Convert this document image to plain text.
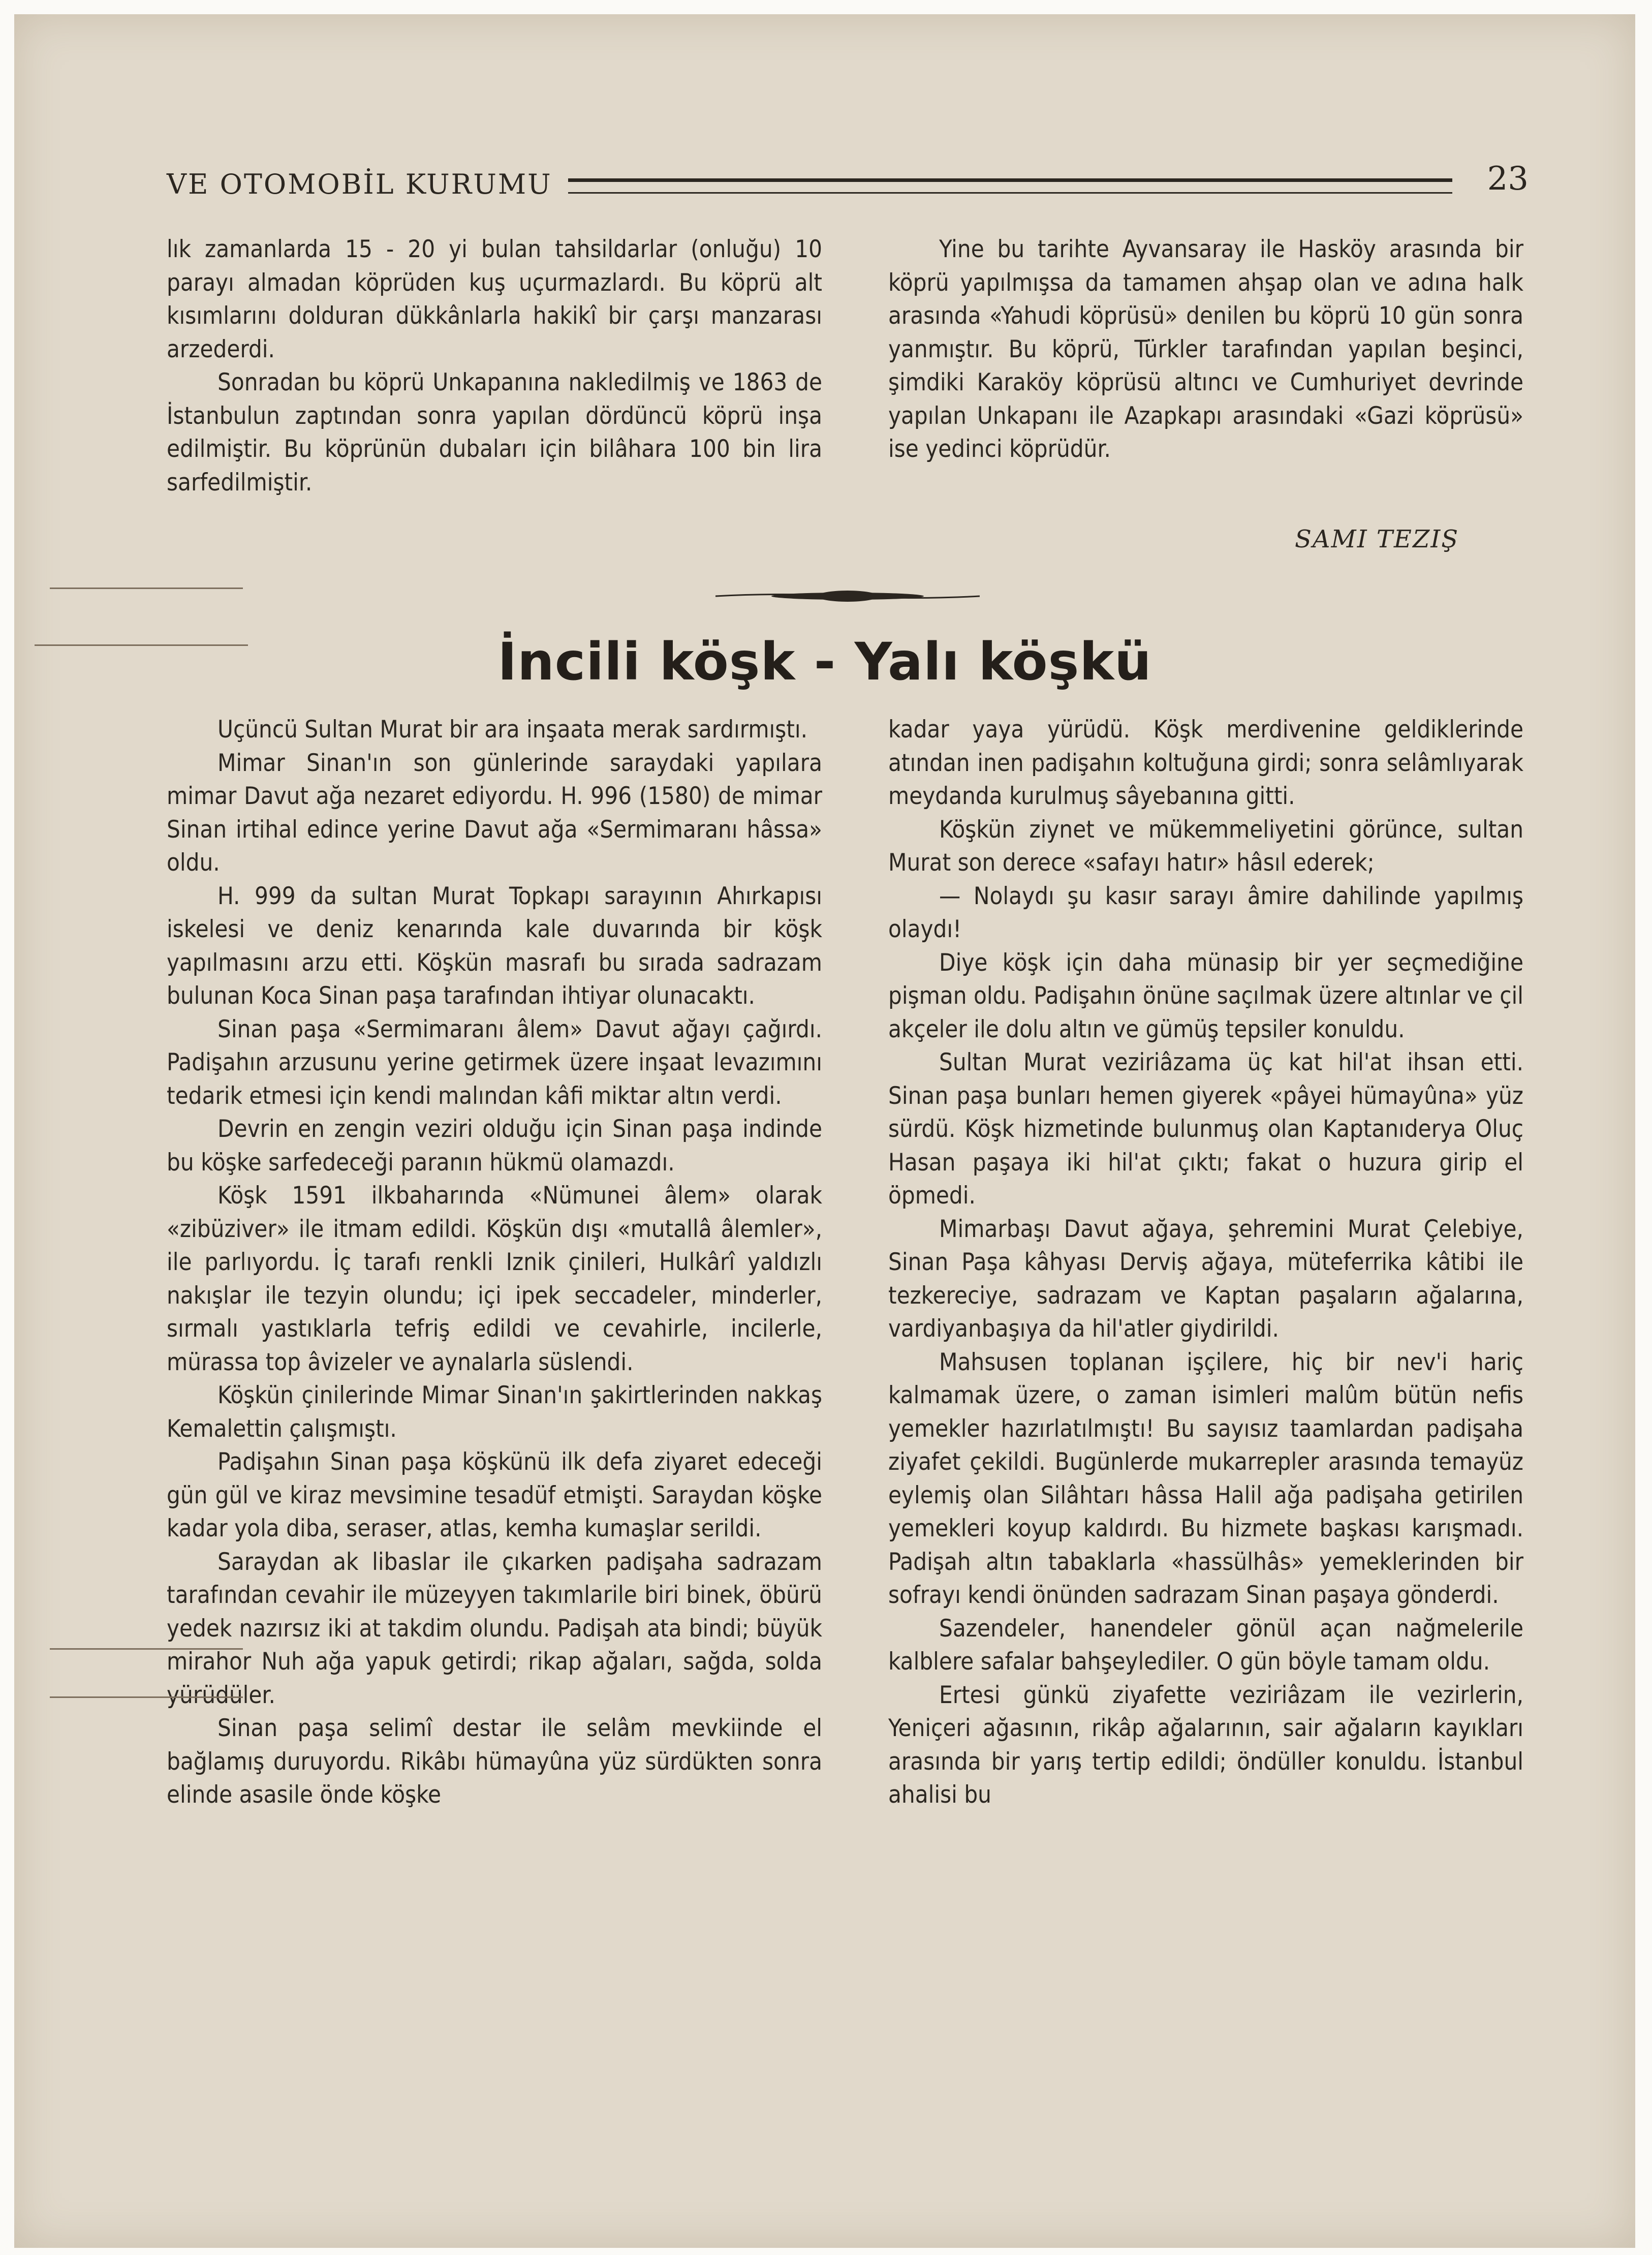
VE OTOMOBİL KURUMU	23

lık zamanlarda 15 - 20 yi bulan tahsildarlar (onluğu) 10 parayı almadan köprüden kuş uçurmazlardı. Bu köprü alt kısımlarını dolduran dükkânlarla hakikî bir çarşı manzarası arzederdi.

Sonradan bu köprü Unkapanına nakledilmiş ve 1863 de İstanbulun zaptından sonra yapılan dördüncü köprü inşa edilmiştir. Bu köprünün dubaları için bilâhara 100 bin lira sarfedilmiştir.

Yine bu tarihte Ayvansaray ile Hasköy arasında bir köprü yapılmışsa da tamamen ahşap olan ve adına halk arasında «Yahudi köprüsü» denilen bu köprü 10 gün sonra yanmıştır. Bu köprü, Türkler tarafından yapılan beşinci, şimdiki Karaköy köprüsü altıncı ve Cumhuriyet devrinde yapılan Unkapanı ile Azapkapı arasındaki «Gazi köprüsü» ise yedinci köprüdür.

SAMI TEZIŞ
İncili köşk - Yalı köşkü

Uçüncü Sultan Murat bir ara inşaata merak sardırmıştı.

Mimar Sinan'ın son günlerinde saraydaki yapılara mimar Davut ağa nezaret ediyordu. H. 996 (1580) de mimar Sinan irtihal edince yerine Davut ağa «Sermimaranı hâssa» oldu.

H. 999 da sultan Murat Topkapı sarayının Ahırkapısı iskelesi ve deniz kenarında kale duvarında bir köşk yapılmasını arzu etti. Köşkün masrafı bu sırada sadrazam bulunan Koca Sinan paşa tarafından ihtiyar olunacaktı.

Sinan paşa «Sermimaranı âlem» Davut ağayı çağırdı. Padişahın arzusunu yerine getirmek üzere inşaat levazımını tedarik etmesi için kendi malından kâfi miktar altın verdi.

Devrin en zengin veziri olduğu için Sinan paşa indinde bu köşke sarfedeceği paranın hükmü olamazdı.

Köşk 1591 ilkbaharında «Nümunei âlem» olarak «zibüziver» ile itmam edildi. Köşkün dışı «mutallâ âlemler», ile parlıyordu. İç tarafı renkli Iznik çinileri, Hulkârî yaldızlı nakışlar ile tezyin olundu; içi ipek seccadeler, minderler, sırmalı yastıklarla tefriş edildi ve cevahirle, incilerle, mürassa top âvizeler ve aynalarla süslendi.

Köşkün çinilerinde Mimar Sinan'ın şakirtlerinden nakkaş Kemalettin çalışmıştı.

Padişahın Sinan paşa köşkünü ilk defa ziyaret edeceği gün gül ve kiraz mevsimine tesadüf etmişti. Saraydan köşke kadar yola diba, seraser, atlas, kemha kumaşlar serildi.

Saraydan ak libaslar ile çıkarken padişaha sadrazam tarafından cevahir ile müzeyyen takımlarile biri binek, öbürü yedek nazırsız iki at takdim olundu. Padişah ata bindi; büyük mirahor Nuh ağa yapuk getirdi; rikap ağaları, sağda, solda yürüdüler.

Sinan paşa selimî destar ile selâm mevkiinde el bağlamış duruyordu. Rikâbı hümayûna yüz sürdükten sonra elinde asasile önde köşke

kadar yaya yürüdü. Köşk merdivenine geldiklerinde atından inen padişahın koltuğuna girdi; sonra selâmlıyarak meydanda kurulmuş sâyebanına gitti.

Köşkün ziynet ve mükemmeliyetini görünce, sultan Murat son derece «safayı hatır» hâsıl ederek;

— Nolaydı şu kasır sarayı âmire dahilinde yapılmış olaydı!

Diye köşk için daha münasip bir yer seçmediğine pişman oldu. Padişahın önüne saçılmak üzere altınlar ve çil akçeler ile dolu altın ve gümüş tepsiler konuldu.

Sultan Murat veziriâzama üç kat hil'at ihsan etti. Sinan paşa bunları hemen giyerek «pâyei hümayûna» yüz sürdü. Köşk hizmetinde bulunmuş olan Kaptanıderya Oluç Hasan paşaya iki hil'at çıktı; fakat o huzura girip el öpmedi.

Mimarbaşı Davut ağaya, şehremini Murat Çelebiye, Sinan Paşa kâhyası Derviş ağaya, müteferrika kâtibi ile tezkereciye, sadrazam ve Kaptan paşaların ağalarına, vardiyanbaşıya da hil'atler giydirildi.

Mahsusen toplanan işçilere, hiç bir nev'i hariç kalmamak üzere, o zaman isimleri malûm bütün nefis yemekler hazırlatılmıştı! Bu sayısız taamlardan padişaha ziyafet çekildi. Bugünlerde mukarrepler arasında temayüz eylemiş olan Silâhtarı hâssa Halil ağa padişaha getirilen yemekleri koyup kaldırdı. Bu hizmete başkası karışmadı. Padişah altın tabaklarla «hassülhâs» yemeklerinden bir sofrayı kendi önünden sadrazam Sinan paşaya gönderdi.

Sazendeler, hanendeler gönül açan nağmelerile kalblere safalar bahşeylediler. O gün böyle tamam oldu.

Ertesi günkü ziyafette veziriâzam ile vezirlerin, Yeniçeri ağasının, rikâp ağalarının, sair ağaların kayıkları arasında bir yarış tertip edildi; öndüller konuldu. İstanbul ahalisi bu
